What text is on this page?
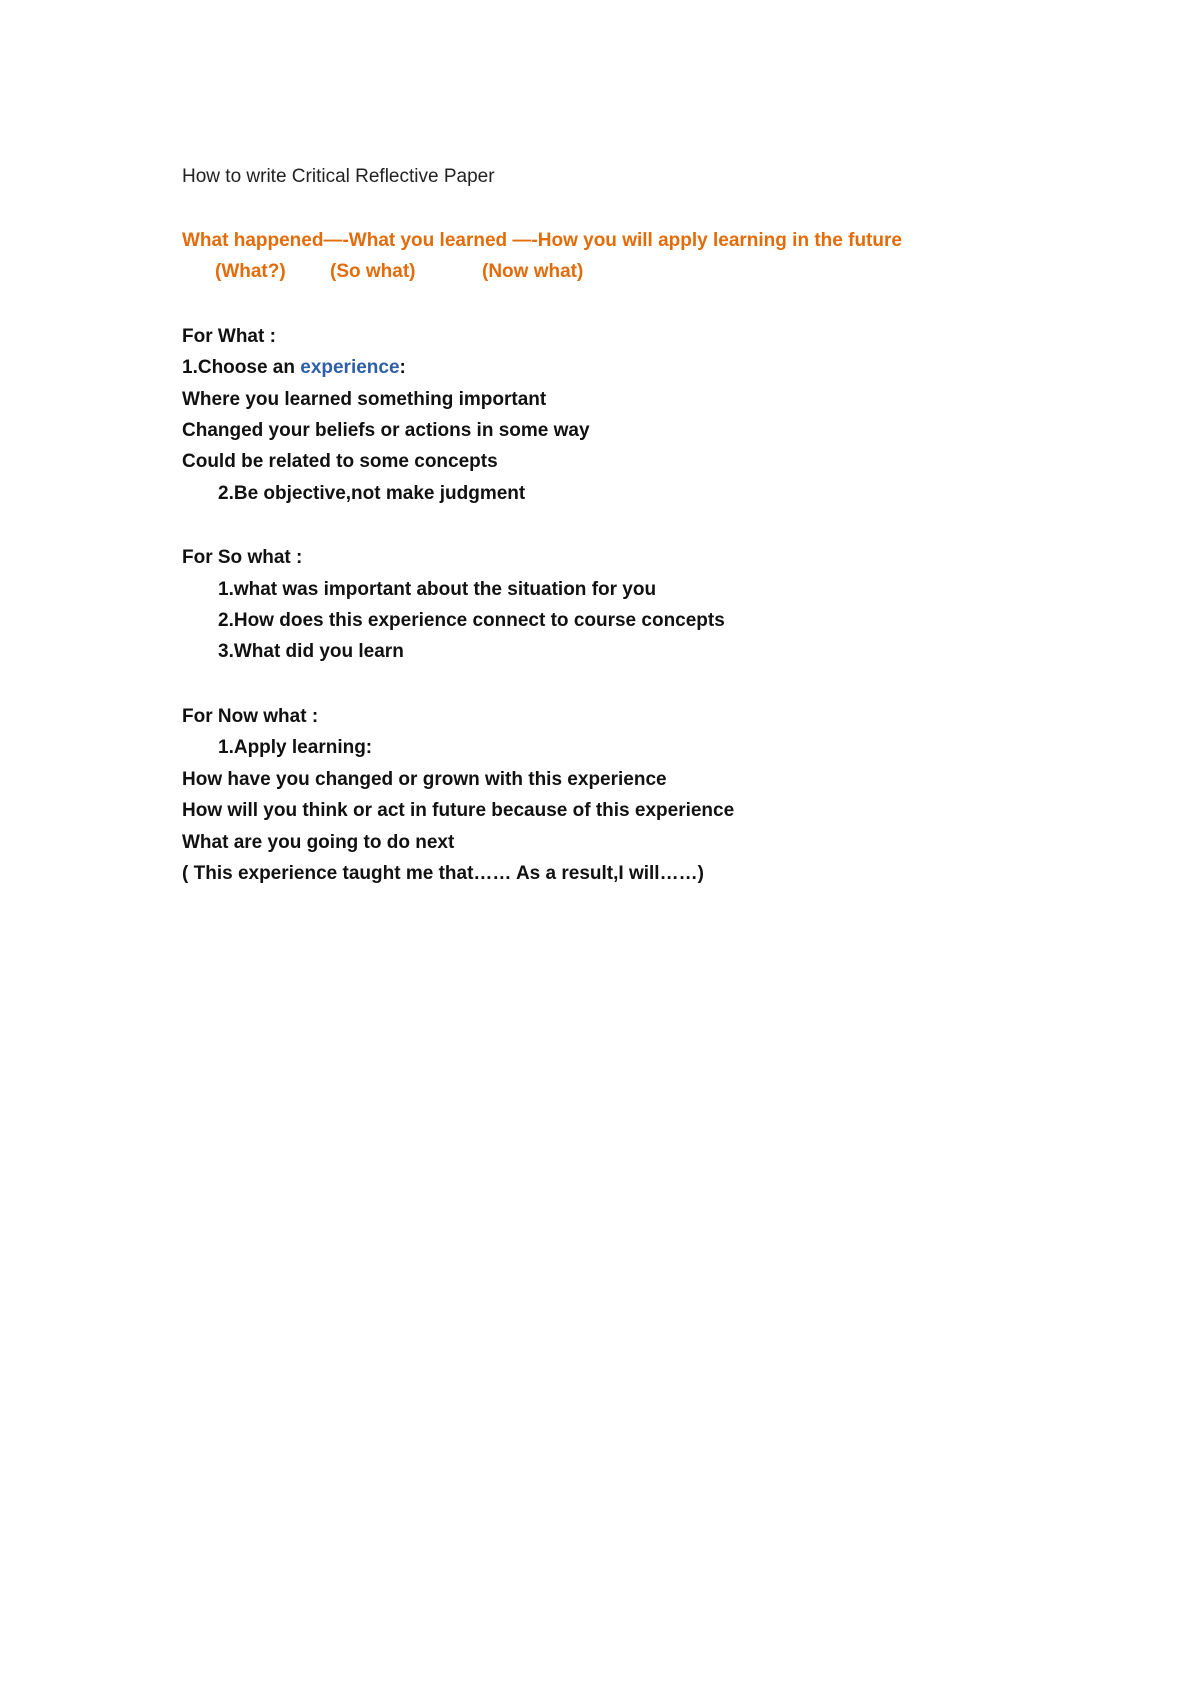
How to write Critical Reflective Paper
What happened—-What you learned —-How you will apply learning in the future
(What?) (So what)	(Now what)
For What :
1.Choose an experience:
Where you learned something important
Changed your beliefs or actions in some way
Could be related to some concepts
2.Be objective,not make judgment
For So what :
1.what was important about the situation for you
2.How does this experience connect to course concepts
3.What did you learn
For Now what :
1.Apply learning:
How have you changed or grown with this experience
How will you think or act in future because of this experience
What are you going to do next
( This experience taught me that…… As a result,I will……)
